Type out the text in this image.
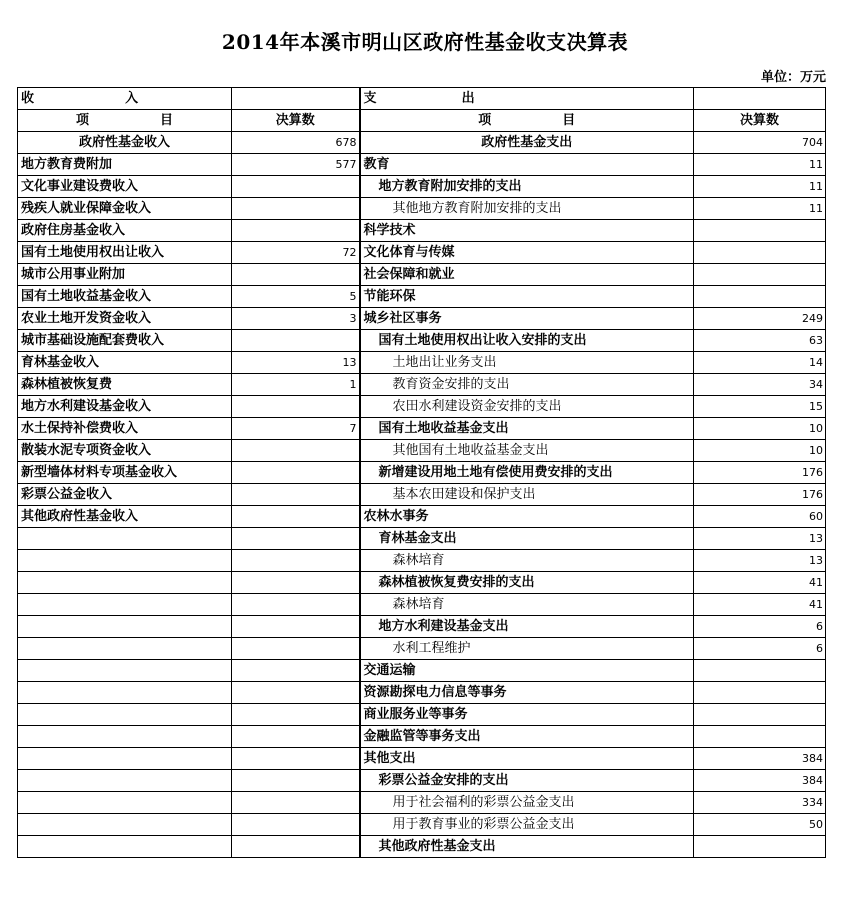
2014年本溪市明山区政府性基金收支决算表
单位：万元
收 入		支 出	
项 目	决算数	项 目	决算数
政府性基金收入	678	政府性基金支出	704
地方教育费附加	577	教育	11
文化事业建设费收入		地方教育附加安排的支出	11
残疾人就业保障金收入		其他地方教育附加安排的支出	11
政府住房基金收入		科学技术	
国有土地使用权出让收入	72	文化体育与传媒	
城市公用事业附加		社会保障和就业	
国有土地收益基金收入	5	节能环保	
农业土地开发资金收入	3	城乡社区事务	249
城市基础设施配套费收入		国有土地使用权出让收入安排的支出	63
育林基金收入	13	土地出让业务支出	14
森林植被恢复费	1	教育资金安排的支出	34
地方水利建设基金收入		农田水利建设资金安排的支出	15
水土保持补偿费收入	7	国有土地收益基金支出	10
散装水泥专项资金收入		其他国有土地收益基金支出	10
新型墙体材料专项基金收入		新增建设用地土地有偿使用费安排的支出	176
彩票公益金收入		基本农田建设和保护支出	176
其他政府性基金收入		农林水事务	60
		育林基金支出	13
		森林培育	13
		森林植被恢复费安排的支出	41
		森林培育	41
		地方水利建设基金支出	6
		水利工程维护	6
		交通运输	
		资源勘探电力信息等事务	
		商业服务业等事务	
		金融监管等事务支出	
		其他支出	384
		彩票公益金安排的支出	384
		用于社会福利的彩票公益金支出	334
		用于教育事业的彩票公益金支出	50
		其他政府性基金支出	
